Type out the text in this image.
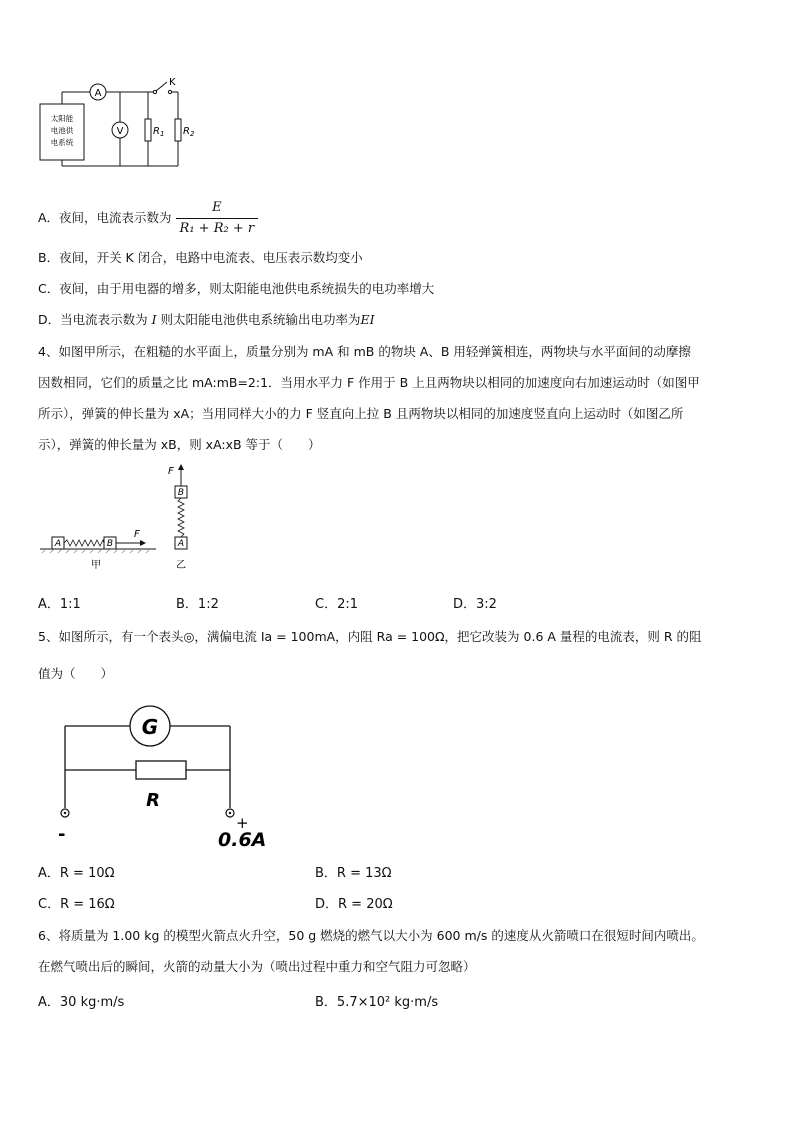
太阳能
电池供
电系统
A
K
V	$R_1$ $R_2$
A．夜间，电流表示数为 $\frac{E}{\text{R₁ + R₂ + r}}$
B．夜间，开关 K 闭合，电路中电流表、电压表示数均变小
C．夜间，由于用电器的增多，则太阳能电池供电系统损失的电功率增大
D．当电流表示数为 I 则太阳能电池供电系统输出电功率为EI
4、如图甲所示，在粗糙的水平面上，质量分别为 mA 和 mB 的物块 A、B 用轻弹簧相连，两物块与水平面间的动摩擦
因数相同，它们的质量之比 mA:mB=2:1．当用水平力 F 作用于 B 上且两物块以相同的加速度向右加速运动时（如图甲
所示），弹簧的伸长量为 xA；当用同样大小的力 F 竖直向上拉 B 且两物块以相同的加速度竖直向上运动时（如图乙所
示），弹簧的伸长量为 xB，则 xA:xB 等于（　　）
A	B
F
甲
F
B
A
乙
A．1:1	B．1:2	C．2:1	D．3:2
5、如图所示，有一个表头◎，满偏电流 Ia = 100mA，内阻 Ra = 100Ω，把它改装为 0.6 A 量程的电流表，则 R 的阻
值为（　　）
G
R
-
+
0.6A
A．R = 10Ω	B．R = 13Ω
C．R = 16Ω	D．R = 20Ω
6、将质量为 1.00 kg 的模型火箭点火升空，50 g 燃烧的燃气以大小为 600 m/s 的速度从火箭喷口在很短时间内喷出。
在燃气喷出后的瞬间，火箭的动量大小为（喷出过程中重力和空气阻力可忽略）
A．30 kg·m/s	B．5.7×10² kg·m/s
